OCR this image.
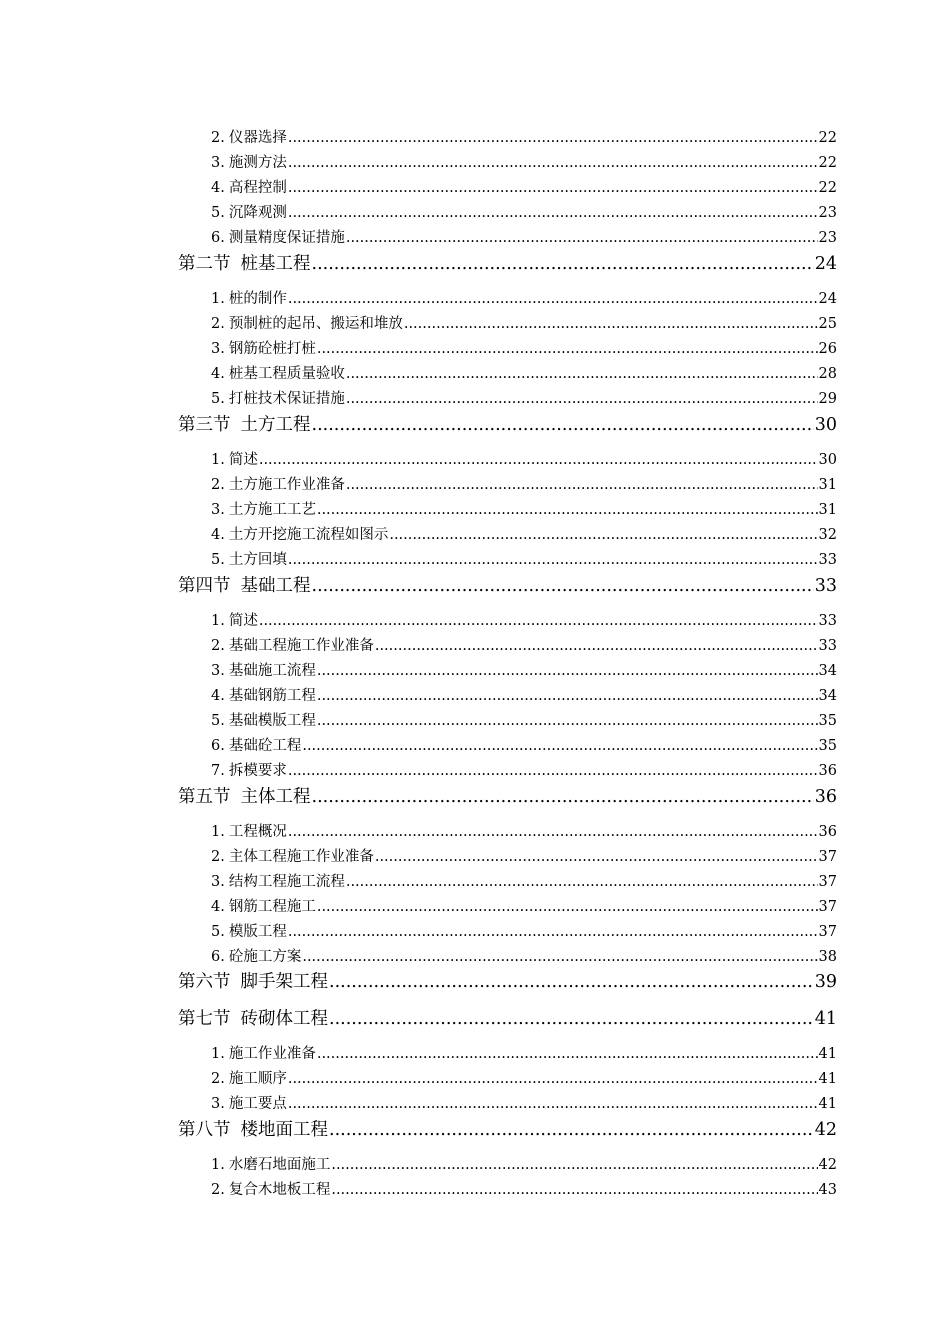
2. 仪器选择 .....	22
3. 施测方法 .....	22
4. 高程控制 .....	22
5. 沉降观测 .....	23
6. 测量精度保证措施 .....	23
第二节 桩基工程 .....	24
1. 桩的制作 .....	24
2. 预制桩的起吊、搬运和堆放 .....	25
3. 钢筋砼桩打桩 .....	26
4. 桩基工程质量验收 .....	28
5. 打桩技术保证措施 .....	29
第三节 土方工程 .....	30
1. 简述 .....	30
2. 土方施工作业准备 .....	31
3. 土方施工工艺 .....	31
4. 土方开挖施工流程如图示 .....	32
5. 土方回填 .....	33
第四节 基础工程 .....	33
1. 简述 .....	33
2. 基础工程施工作业准备 .....	33
3. 基础施工流程 .....	34
4. 基础钢筋工程 .....	34
5. 基础模版工程 .....	35
6. 基础砼工程 .....	35
7. 拆模要求 .....	36
第五节 主体工程 .....	36
1. 工程概况 .....	36
2. 主体工程施工作业准备 .....	37
3. 结构工程施工流程 .....	37
4. 钢筋工程施工 .....	37
5. 模版工程 .....	37
6. 砼施工方案 .....	38
第六节 脚手架工程 .....	39
第七节 砖砌体工程 .....	41
1. 施工作业准备 .....	41
2. 施工顺序 .....	41
3. 施工要点 .....	41
第八节 楼地面工程 .....	42
1. 水磨石地面施工 .....	42
2. 复合木地板工程 .....	43
